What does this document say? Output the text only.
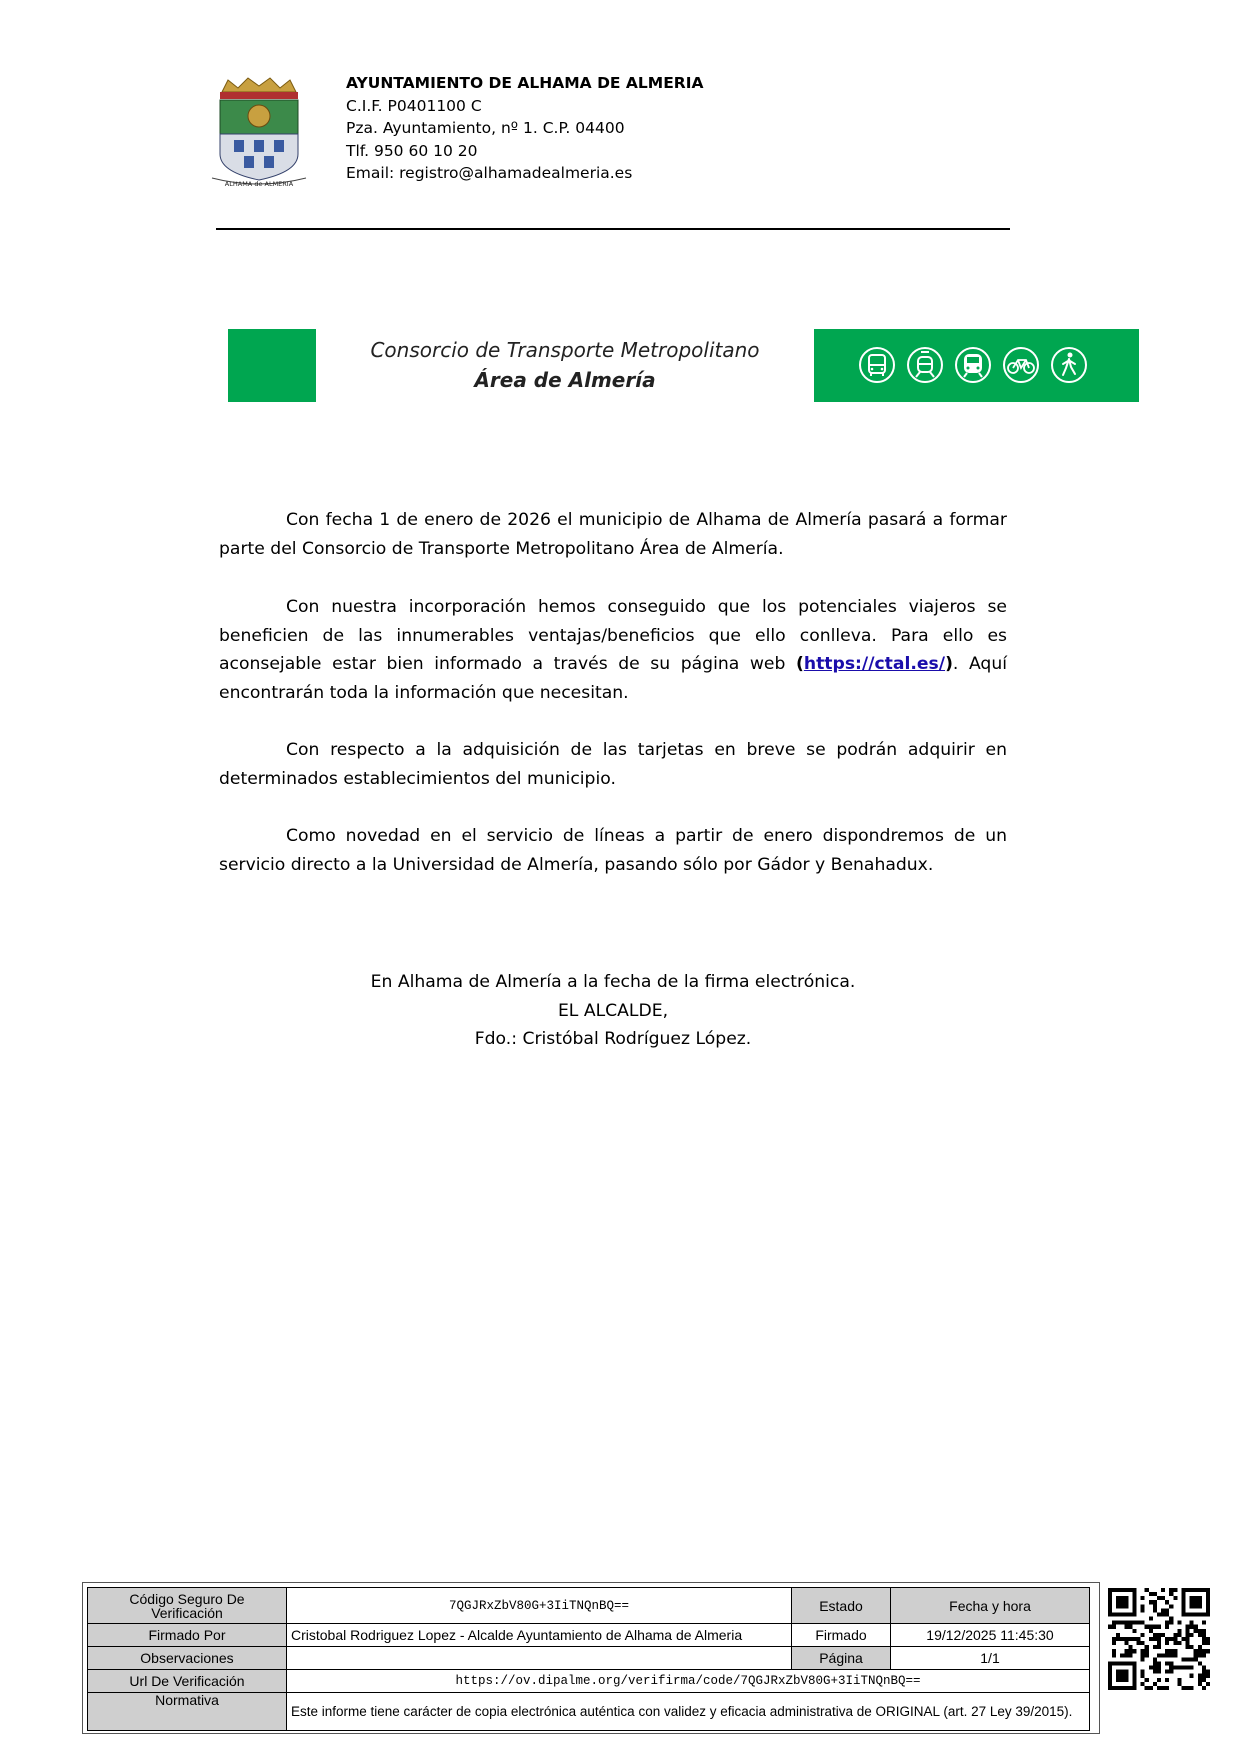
ALHAMA de ALMERIA
AYUNTAMIENTO DE ALHAMA DE ALMERIA
C.I.F. P0401100 C
Pza. Ayuntamiento, nº 1. C.P. 04400
Tlf. 950 60 10 20
Email: registro@alhamadealmeria.es
Consorcio de Transporte Metropolitano
Área de Almería

Con fecha 1 de enero de 2026 el municipio de Alhama de Almería pasará a formar parte del Consorcio de Transporte Metropolitano Área de Almería.

Con nuestra incorporación hemos conseguido que los potenciales viajeros se beneficien de las innumerables ventajas/beneficios que ello conlleva. Para ello es aconsejable estar bien informado a través de su página web (https://ctal.es/). Aquí encontrarán toda la información que necesitan.

Con respecto a la adquisición de las tarjetas en breve se podrán adquirir en determinados establecimientos del municipio.

Como novedad en el servicio de líneas a partir de enero dispondremos de un servicio directo a la Universidad de Almería, pasando sólo por Gádor y Benahadux.

En Alhama de Almería a la fecha de la firma electrónica.
EL ALCALDE,
Fdo.: Cristóbal Rodríguez López.
Código Seguro De Verificación	7QGJRxZbV80G+3IiTNQnBQ==	Estado	Fecha y hora
Firmado Por	Cristobal Rodriguez Lopez - Alcalde Ayuntamiento de Alhama de Almeria	Firmado	19/12/2025 11:45:30
Observaciones		Página	1/1
Url De Verificación	https://ov.dipalme.org/verifirma/code/7QGJRxZbV80G+3IiTNQnBQ==		
Normativa	Este informe tiene carácter de copia electrónica auténtica con validez y eficacia administrativa de ORIGINAL (art. 27 Ley 39/2015).		
